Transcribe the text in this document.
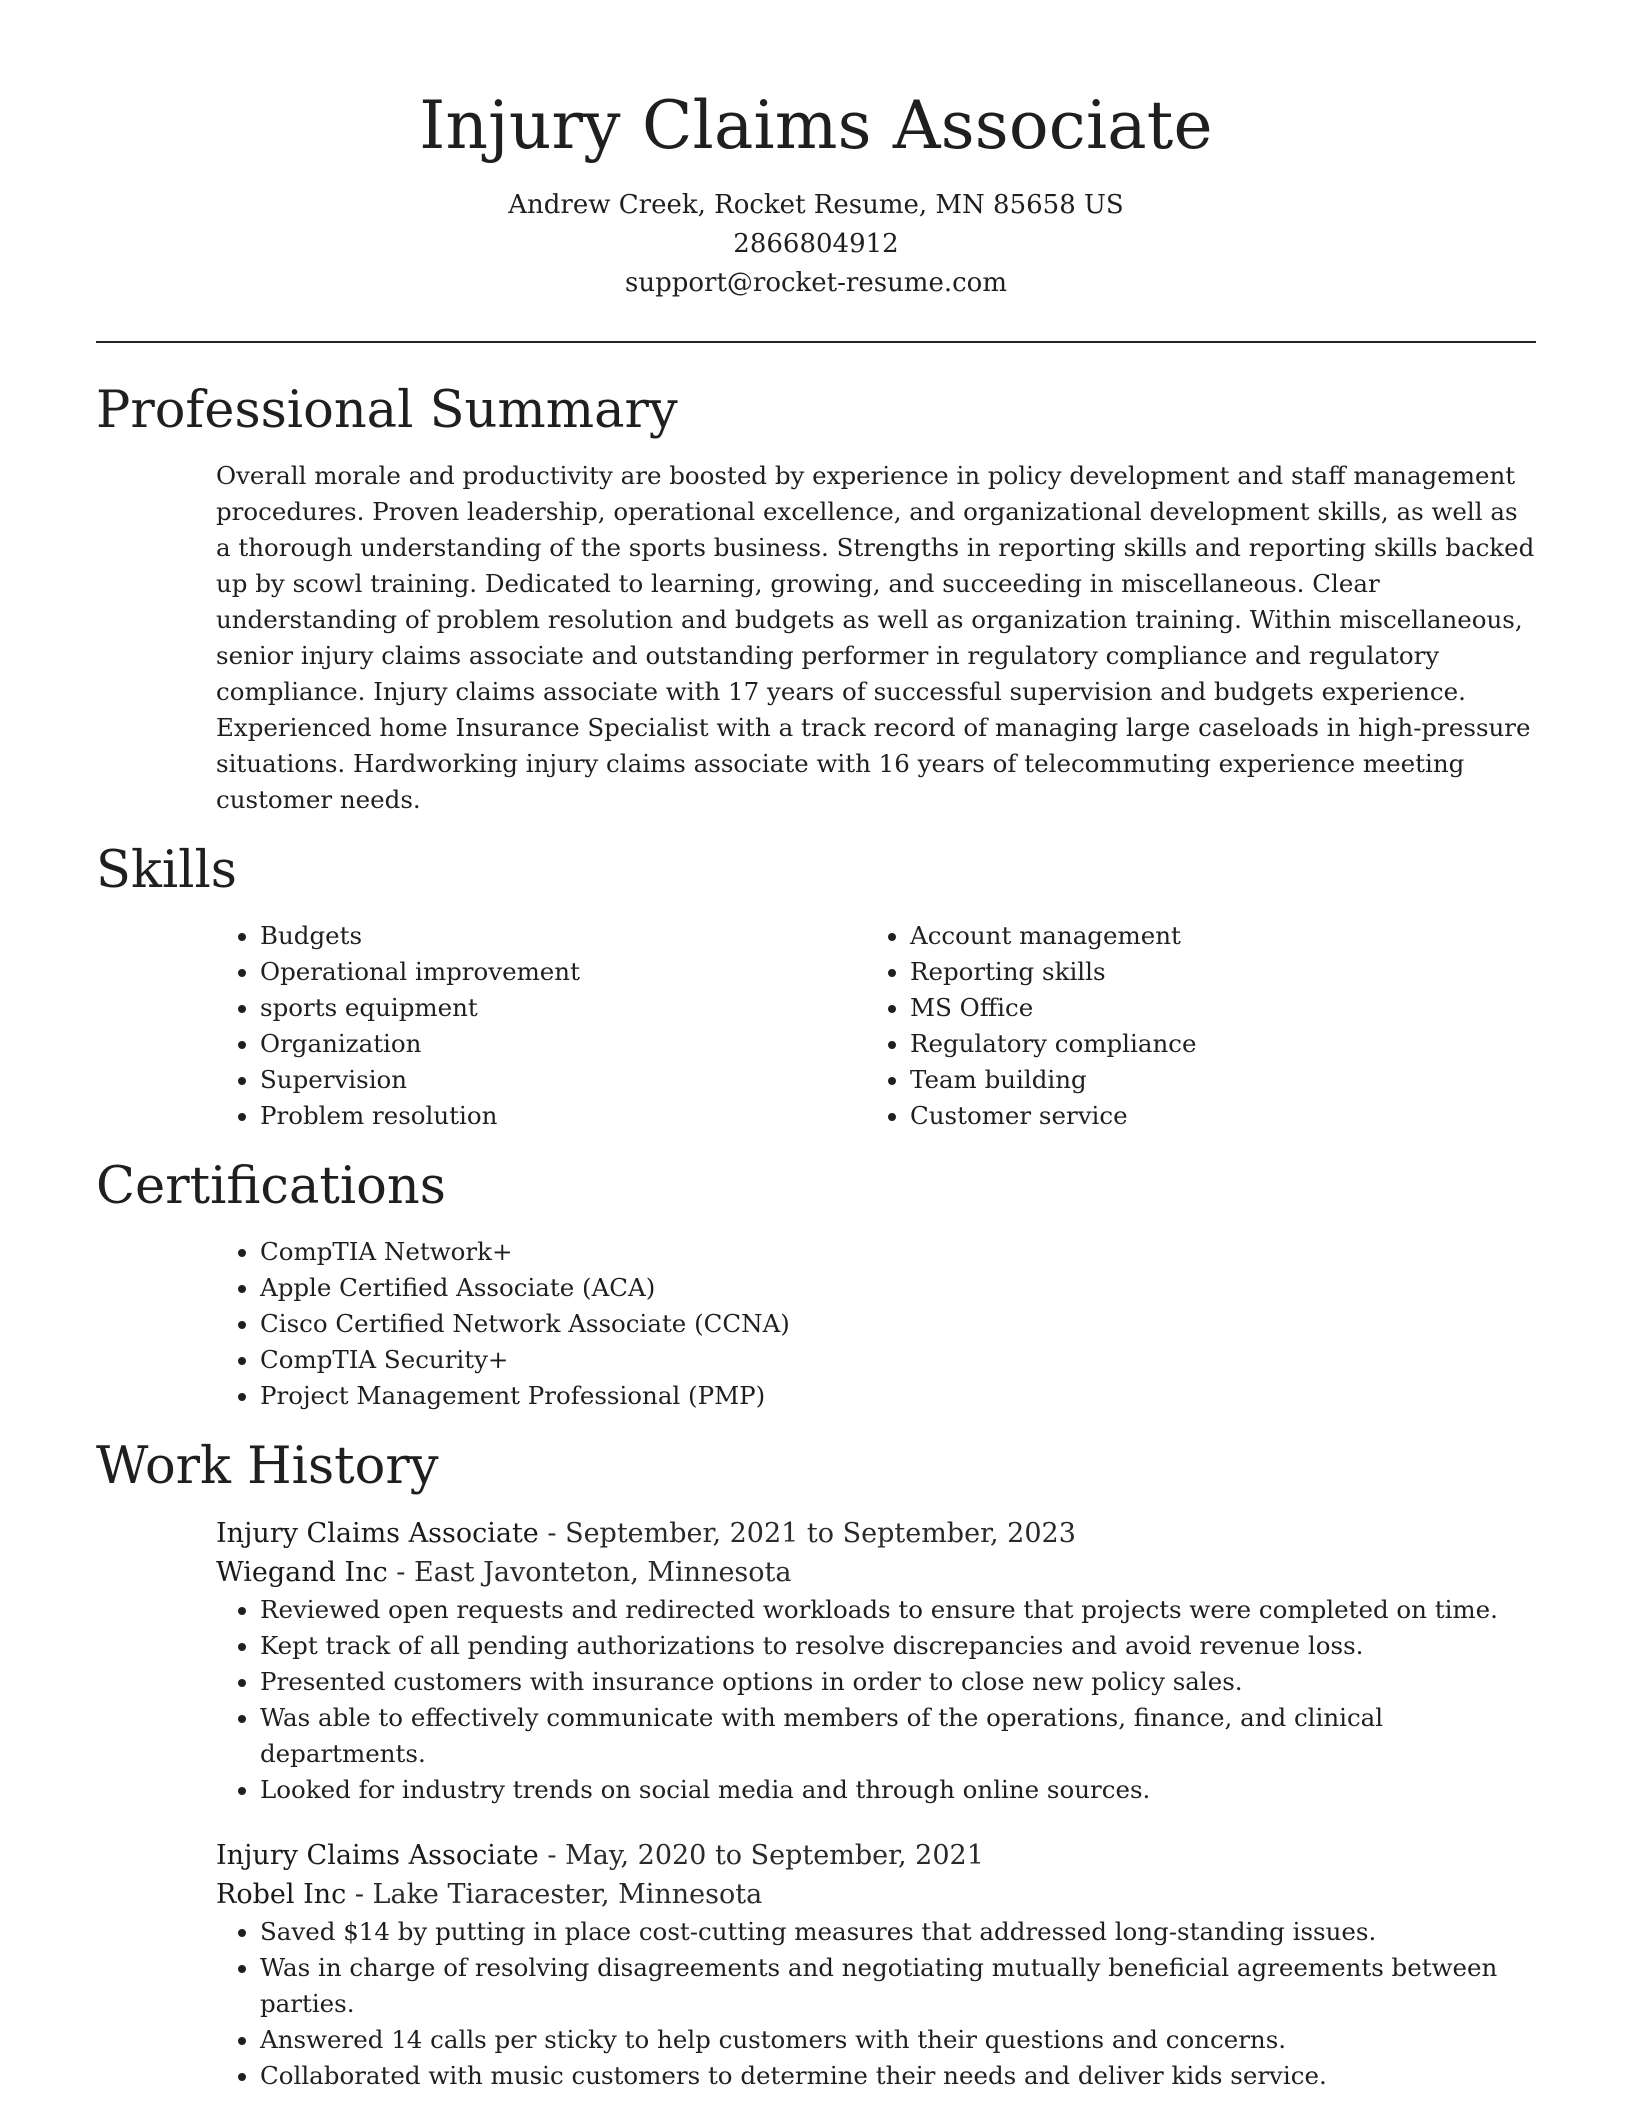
Injury Claims Associate

Andrew Creek, Rocket Resume, MN 85658 US

2866804912

support@rocket-resume.com

Professional Summary

Overall morale and productivity are boosted by experience in policy development and staff management procedures. Proven leadership, operational excellence, and organizational development skills, as well as a thorough understanding of the sports business. Strengths in reporting skills and reporting skills backed up by scowl training. Dedicated to learning, growing, and succeeding in miscellaneous. Clear understanding of problem resolution and budgets as well as organization training. Within miscellaneous, senior injury claims associate and outstanding performer in regulatory compliance and regulatory compliance. Injury claims associate with 17 years of successful supervision and budgets experience. Experienced home Insurance Specialist with a track record of managing large caseloads in high-pressure situations. Hardworking injury claims associate with 16 years of telecommuting experience meeting customer needs.

Skills
• Budgets
• Operational improvement
• sports equipment
• Organization
• Supervision
• Problem resolution
• Account management
• Reporting skills
• MS Office
• Regulatory compliance
• Team building
• Customer service
Certifications
• CompTIA Network+
• Apple Certified Associate (ACA)
• Cisco Certified Network Associate (CCNA)
• CompTIA Security+
• Project Management Professional (PMP)
Work History

Injury Claims Associate - September, 2021 to September, 2023

Wiegand Inc - East Javonteton, Minnesota

• Reviewed open requests and redirected workloads to ensure that projects were completed on time.
• Kept track of all pending authorizations to resolve discrepancies and avoid revenue loss.
• Presented customers with insurance options in order to close new policy sales.
• Was able to effectively communicate with members of the operations, finance, and clinical departments.
• Looked for industry trends on social media and through online sources.

Injury Claims Associate - May, 2020 to September, 2021

Robel Inc - Lake Tiaracester, Minnesota

• Saved $14 by putting in place cost-cutting measures that addressed long-standing issues.
• Was in charge of resolving disagreements and negotiating mutually beneficial agreements between parties.
• Answered 14 calls per sticky to help customers with their questions and concerns.
• Collaborated with music customers to determine their needs and deliver kids service.
